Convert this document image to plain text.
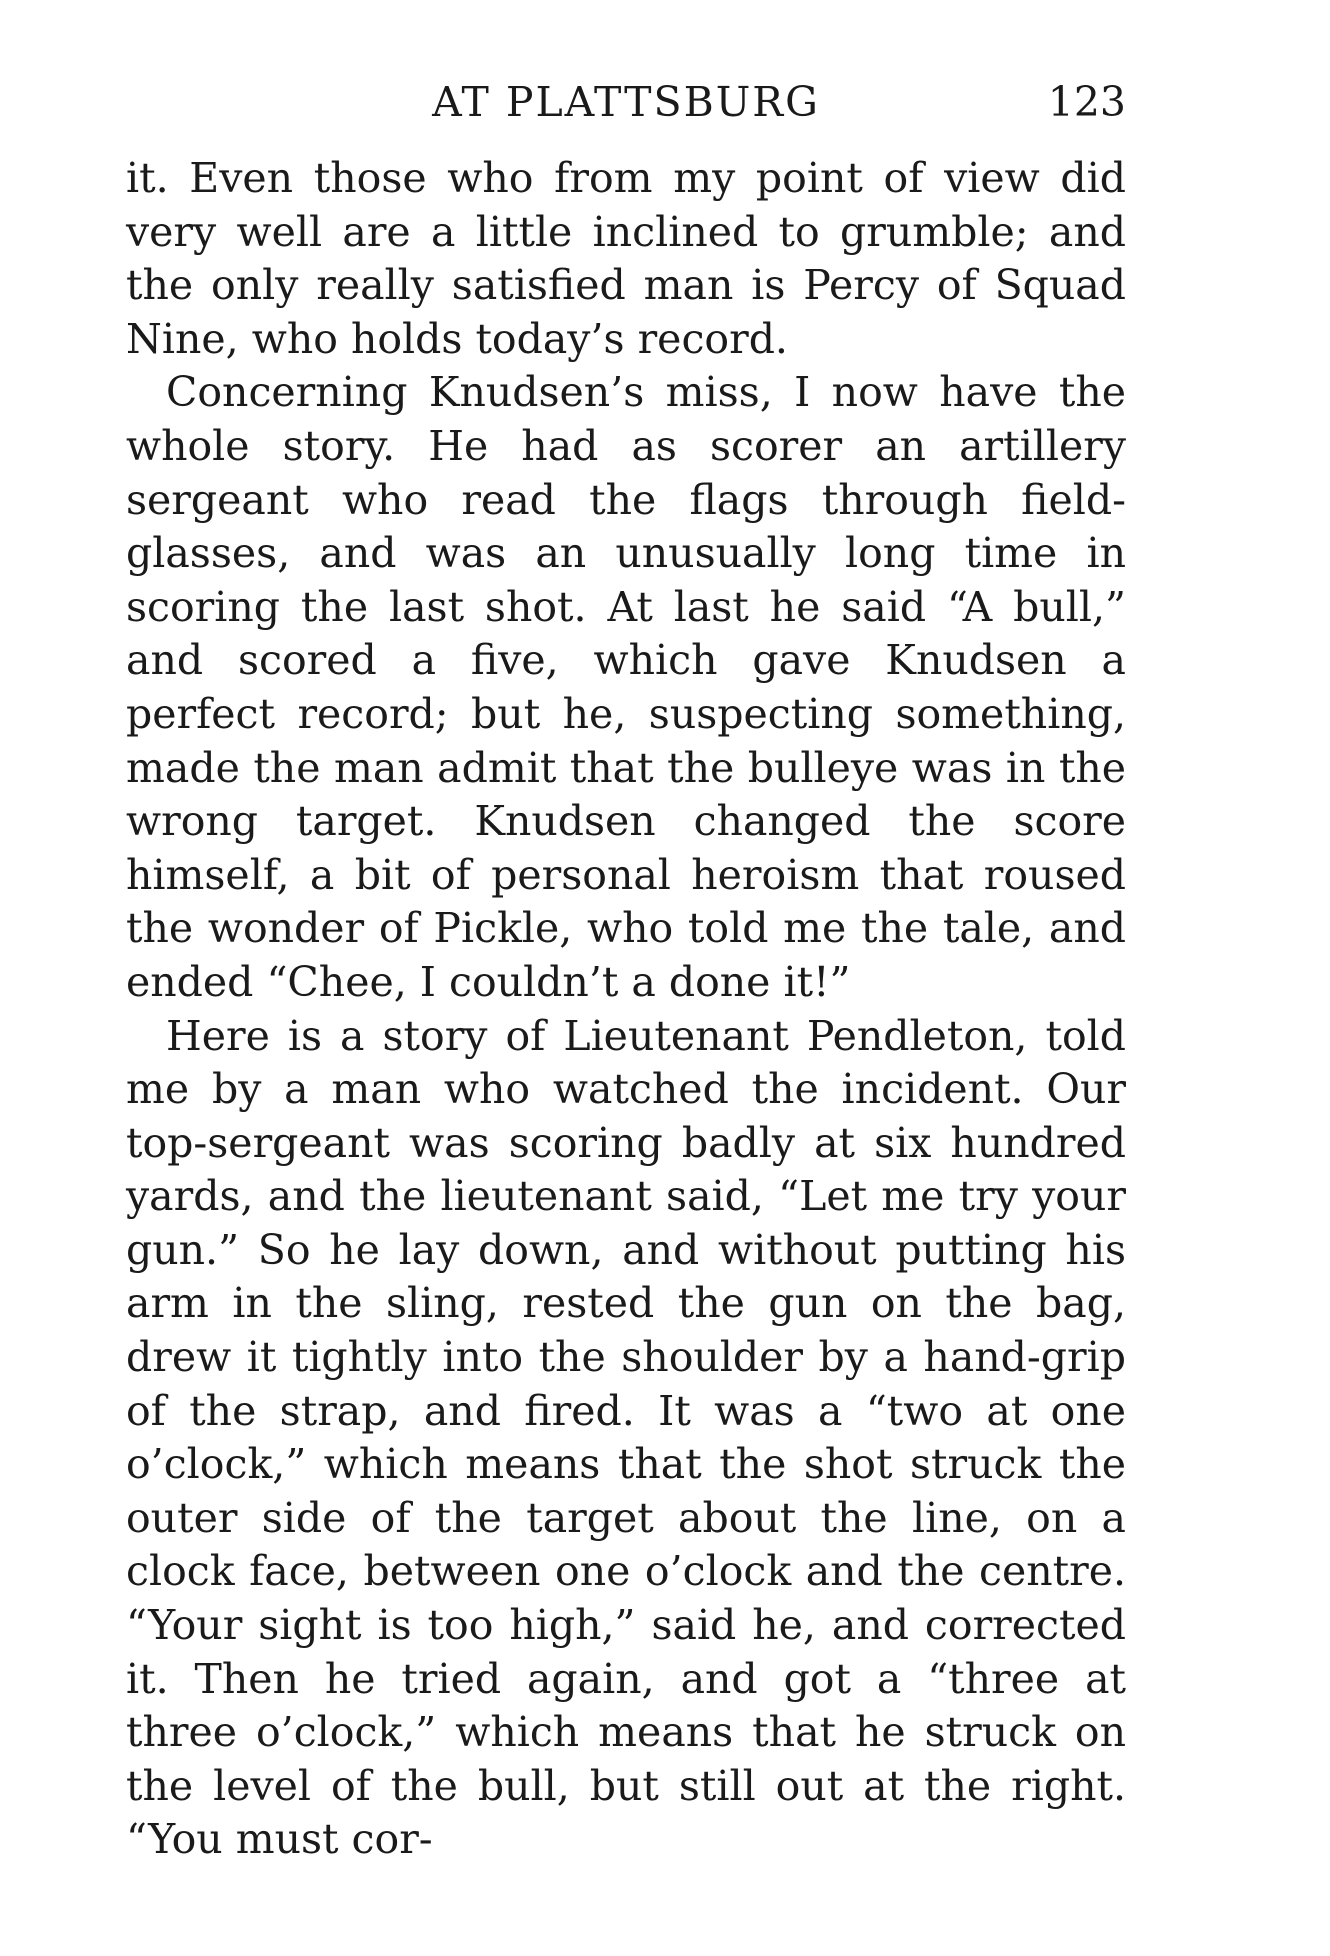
AT PLATTSBURG	123

it. Even those who from my point of view did very well are a little inclined to grumble; and the only really satisfied man is Percy of Squad Nine, who holds today’s record.

Concerning Knudsen’s miss, I now have the whole story. He had as scorer an artillery sergeant who read the flags through field-glasses, and was an unusually long time in scoring the last shot. At last he said “A bull,” and scored a five, which gave Knudsen a perfect record; but he, suspecting something, made the man admit that the bulleye was in the wrong target. Knudsen changed the score himself, a bit of personal heroism that roused the wonder of Pickle, who told me the tale, and ended “Chee, I couldn’t a done it!”

Here is a story of Lieutenant Pendleton, told me by a man who watched the incident. Our top-sergeant was scoring badly at six hundred yards, and the lieutenant said, “Let me try your gun.” So he lay down, and without putting his arm in the sling, rested the gun on the bag, drew it tightly into the shoulder by a hand-grip of the strap, and fired. It was a “two at one o’clock,” which means that the shot struck the outer side of the target about the line, on a clock face, between one o’clock and the centre. “Your sight is too high,” said he, and corrected it. Then he tried again, and got a “three at three o’clock,” which means that he struck on the level of the bull, but still out at the right. “You must cor-
